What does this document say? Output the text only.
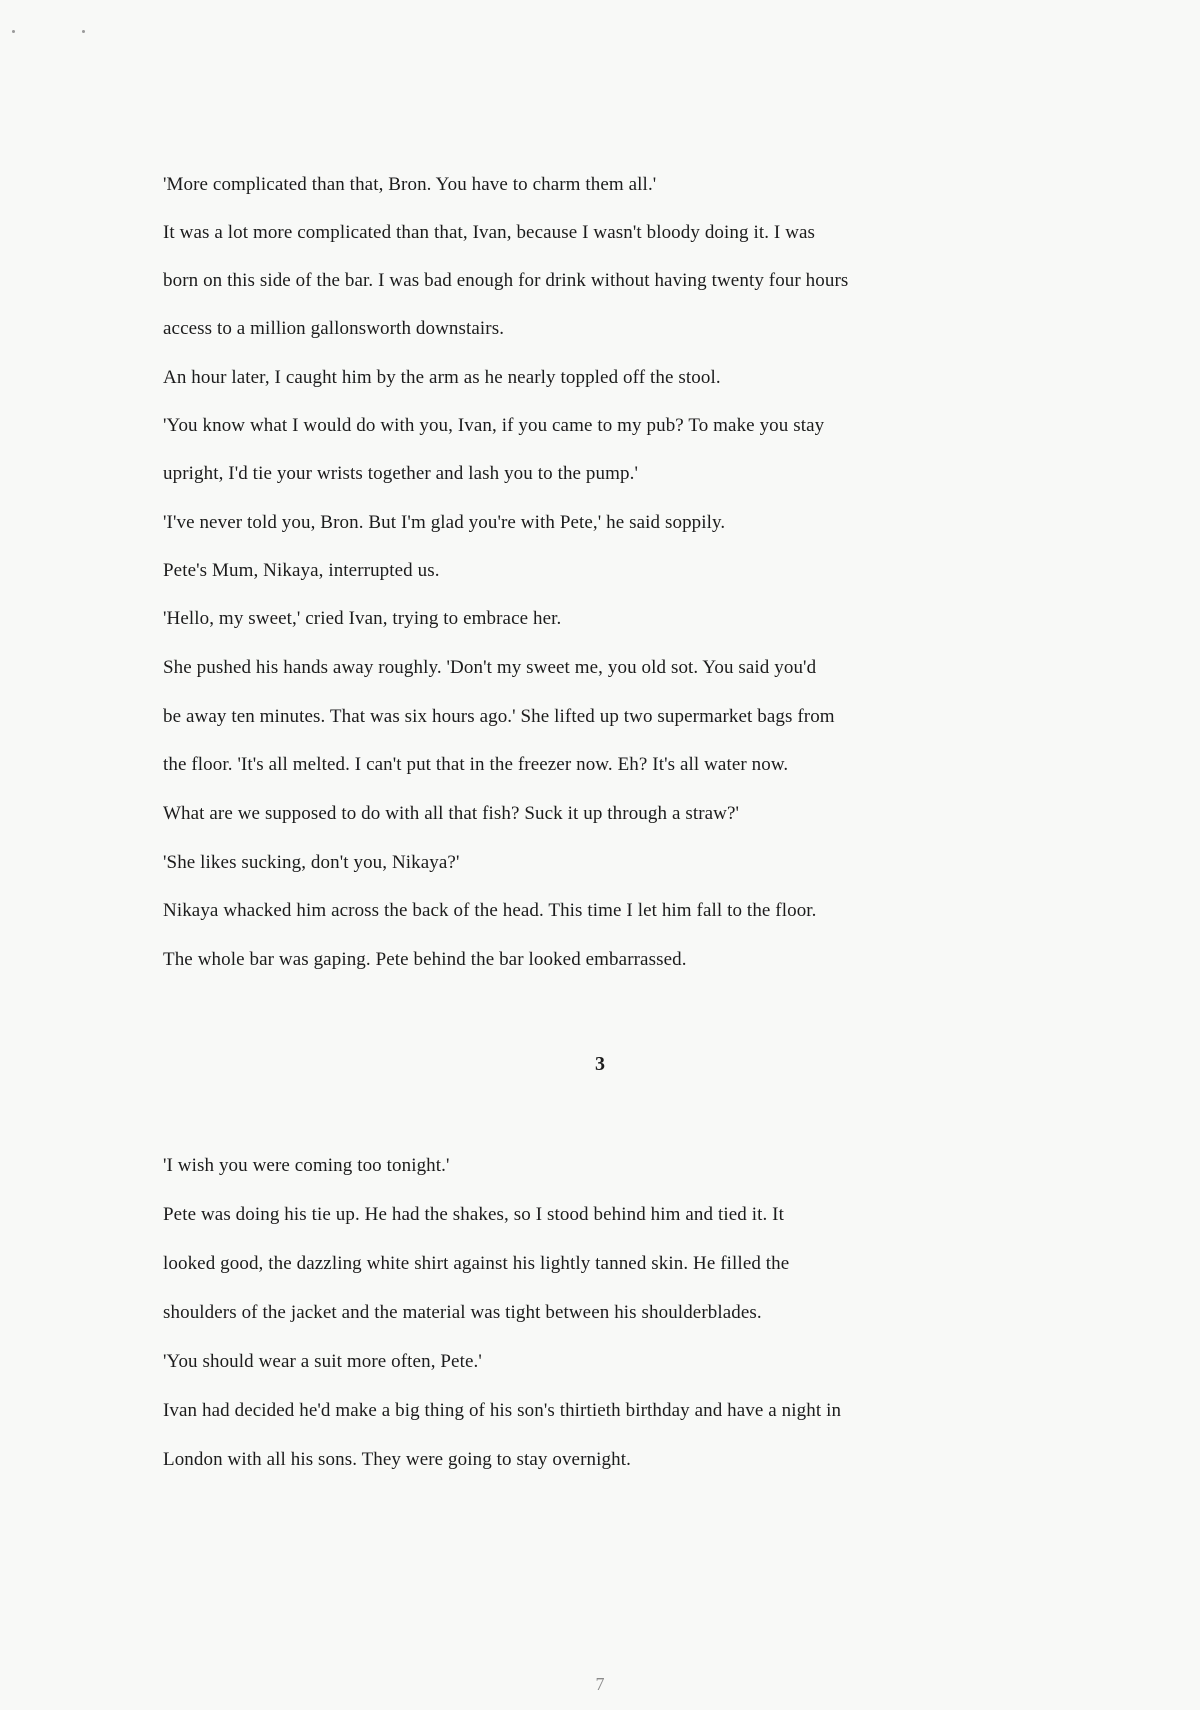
'More complicated than that, Bron. You have to charm them all.'
It was a lot more complicated than that, Ivan, because I wasn't bloody doing it. I was
born on this side of the bar. I was bad enough for drink without having twenty four hours
access to a million gallonsworth downstairs.
An hour later, I caught him by the arm as he nearly toppled off the stool.
'You know what I would do with you, Ivan, if you came to my pub? To make you stay
upright, I'd tie your wrists together and lash you to the pump.'
'I've never told you, Bron. But I'm glad you're with Pete,' he said soppily.
Pete's Mum, Nikaya, interrupted us.
'Hello, my sweet,' cried Ivan, trying to embrace her.
She pushed his hands away roughly. 'Don't my sweet me, you old sot. You said you'd
be away ten minutes. That was six hours ago.' She lifted up two supermarket bags from
the floor. 'It's all melted. I can't put that in the freezer now. Eh? It's all water now.
What are we supposed to do with all that fish? Suck it up through a straw?'
'She likes sucking, don't you, Nikaya?'
Nikaya whacked him across the back of the head. This time I let him fall to the floor.
The whole bar was gaping. Pete behind the bar looked embarrassed.
3
'I wish you were coming too tonight.'
Pete was doing his tie up. He had the shakes, so I stood behind him and tied it. It
looked good, the dazzling white shirt against his lightly tanned skin. He filled the
shoulders of the jacket and the material was tight between his shoulderblades.
'You should wear a suit more often, Pete.'
Ivan had decided he'd make a big thing of his son's thirtieth birthday and have a night in
London with all his sons. They were going to stay overnight.
7
